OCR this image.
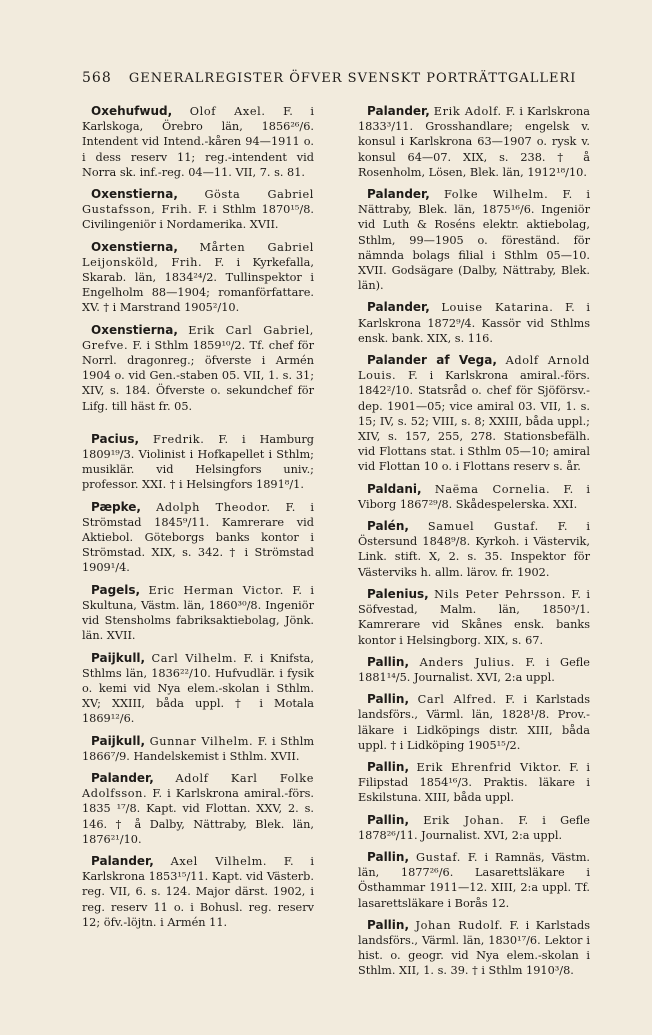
568 GENERALREGISTER ÖFVER SVENSKT PORTRÄTTGALLERI

Oxehufwud, Olof Axel. F. i Karlskoga, Örebro län, 1856²⁶/6. Intendent vid Intend.-kåren 94—1911 o. i dess reserv 11; reg.-intendent vid Norra sk. inf.-reg. 04—11. VII, 7. s. 81.

Oxenstierna, Gösta Gabriel Gustafsson, Frih. F. i Sthlm 1870¹⁵/8. Civilingeniör i Nordamerika. XVII.

Oxenstierna, Mårten Gabriel Leijonsköld, Frih. F. i Kyrkefalla, Skarab. län, 1834²⁴/2. Tullinspektor i Engelholm 88—1904; romanförfattare. XV. † i Marstrand 1905²/10.

Oxenstierna, Erik Carl Gabriel, Grefve. F. i Sthlm 1859¹⁰/2. Tf. chef för Norrl. dragonreg.; öfverste i Armén 1904 o. vid Gen.-staben 05. VII, 1. s. 31; XIV, s. 184. Öfverste o. sekundchef för Lifg. till häst fr. 05.

Pacius, Fredrik. F. i Hamburg 1809¹⁹/3. Violinist i Hofkapellet i Sthlm; musiklär. vid Helsingfors univ.; professor. XXI. † i Helsingfors 1891⁸/1.

Pæpke, Adolph Theodor. F. i Strömstad 1845⁹/11. Kamrerare vid Aktiebol. Göteborgs banks kontor i Strömstad. XIX, s. 342. † i Strömstad 1909¹/4.

Pagels, Eric Herman Victor. F. i Skultuna, Västm. län, 1860³⁰/8. Ingeniör vid Stensholms fabriksaktiebolag, Jönk. län. XVII.

Paijkull, Carl Vilhelm. F. i Knifsta, Sthlms län, 1836²²/10. Hufvudlär. i fysik o. kemi vid Nya elem.-skolan i Sthlm. XV; XXIII, båda uppl. † i Motala 1869¹²/6.

Paijkull, Gunnar Vilhelm. F. i Sthlm 1866⁷/9. Handelskemist i Sthlm. XVII.

Palander, Adolf Karl Folke Adolfsson. F. i Karlskrona amiral.-förs. 1835 ¹⁷/8. Kapt. vid Flottan. XXV, 2. s. 146. † å Dalby, Nättraby, Blek. län, 1876²¹/10.

Palander, Axel Vilhelm. F. i Karlskrona 1853¹⁵/11. Kapt. vid Västerb. reg. VII, 6. s. 124. Major därst. 1902, i reg. reserv 11 o. i Bohusl. reg. reserv 12; öfv.-löjtn. i Armén 11.

Palander, Erik Adolf. F. i Karlskrona 1833³/11. Grosshandlare; engelsk v. konsul i Karlskrona 63—1907 o. rysk v. konsul 64—07. XIX, s. 238. † å Rosenholm, Lösen, Blek. län, 1912¹⁸/10.

Palander, Folke Wilhelm. F. i Nättraby, Blek. län, 1875¹⁶/6. Ingeniör vid Luth & Roséns elektr. aktiebolag, Sthlm, 99—1905 o. föreständ. för nämnda bolags filial i Sthlm 05—10. XVII. Godsägare (Dalby, Nättraby, Blek. län).

Palander, Louise Katarina. F. i Karlskrona 1872⁹/4. Kassör vid Sthlms ensk. bank. XIX, s. 116.

Palander af Vega, Adolf Arnold Louis. F. i Karlskrona amiral.-förs. 1842²/10. Statsråd o. chef för Sjöförsv.-dep. 1901—05; vice amiral 03. VII, 1. s. 15; IV, s. 52; VIII, s. 8; XXIII, båda uppl.; XIV, s. 157, 255, 278. Stationsbefälh. vid Flottans stat. i Sthlm 05—10; amiral vid Flottan 10 o. i Flottans reserv s. år.

Paldani, Naëma Cornelia. F. i Viborg 1867²⁹/8. Skådespelerska. XXI.

Palén, Samuel Gustaf. F. i Östersund 1848⁹/8. Kyrkoh. i Västervik, Link. stift. X, 2. s. 35. Inspektor för Västerviks h. allm. lärov. fr. 1902.

Palenius, Nils Peter Pehrsson. F. i Söfvestad, Malm. län, 1850³/1. Kamrerare vid Skånes ensk. banks kontor i Helsingborg. XIX, s. 67.

Pallin, Anders Julius. F. i Gefle 1881¹⁴/5. Journalist. XVI, 2:a uppl.

Pallin, Carl Alfred. F. i Karlstads landsförs., Värml. län, 1828¹/8. Prov.-läkare i Lidköpings distr. XIII, båda uppl. † i Lidköping 1905¹⁵/2.

Pallin, Erik Ehrenfrid Viktor. F. i Filipstad 1854¹⁶/3. Praktis. läkare i Eskilstuna. XIII, båda uppl.

Pallin, Erik Johan. F. i Gefle 1878²⁶/11. Journalist. XVI, 2:a uppl.

Pallin, Gustaf. F. i Ramnäs, Västm. län, 1877²⁶/6. Lasarettsläkare i Östhammar 1911—12. XIII, 2:a uppl. Tf. lasarettsläkare i Borås 12.

Pallin, Johan Rudolf. F. i Karlstads landsförs., Värml. län, 1830¹⁷/6. Lektor i hist. o. geogr. vid Nya elem.-skolan i Sthlm. XII, 1. s. 39. † i Sthlm 1910³/8.
